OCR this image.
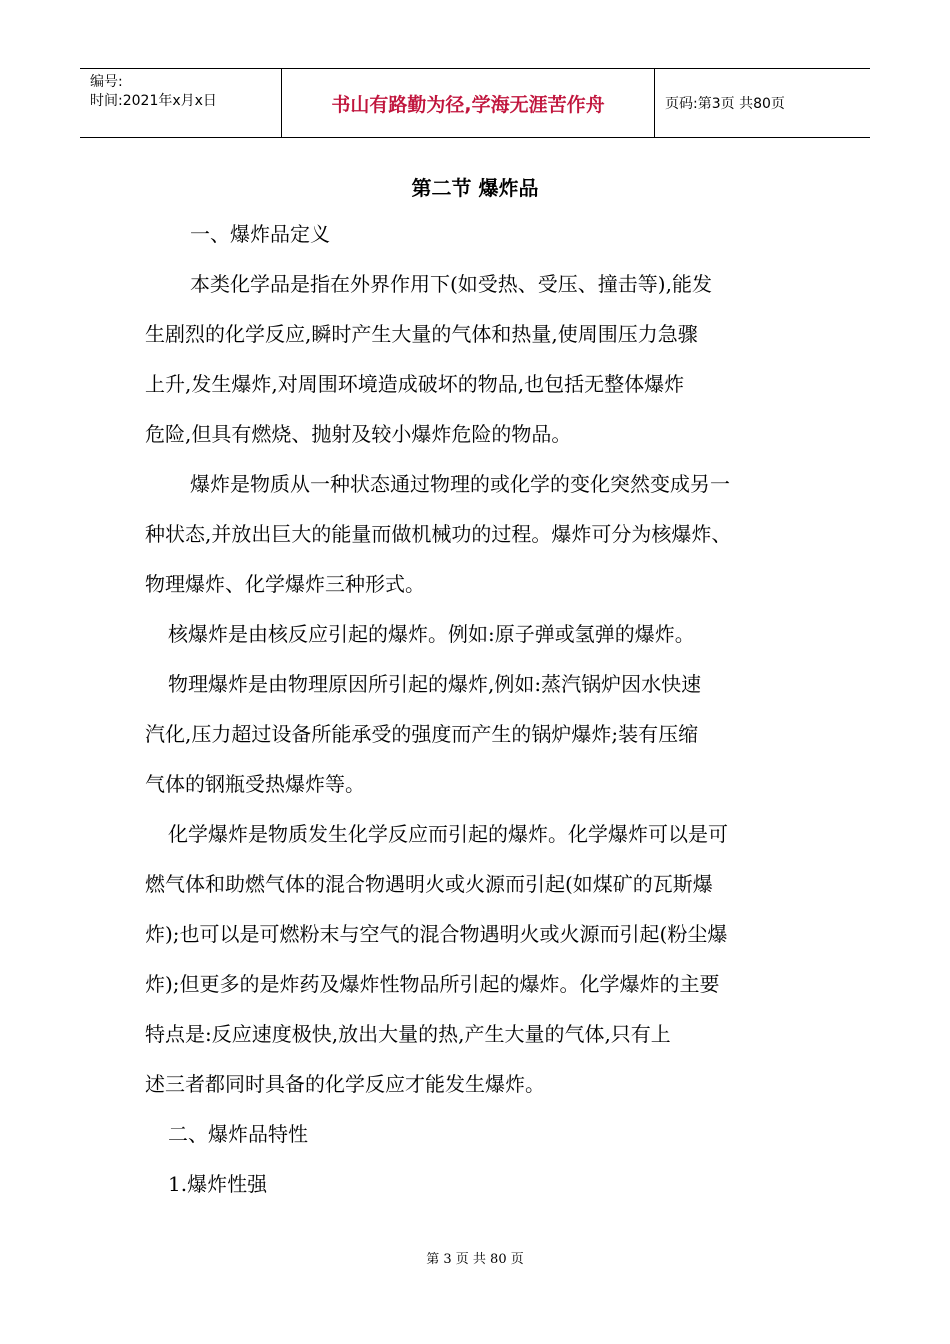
编号:
时间:2021年x月x日	书山有路勤为径,学海无涯苦作舟	页码:第3页 共80页
第二节 爆炸品
一、爆炸品定义
本类化学品是指在外界作用下(如受热、受压、撞击等),能发
生剧烈的化学反应,瞬时产生大量的气体和热量,使周围压力急骤
上升,发生爆炸,对周围环境造成破坏的物品,也包括无整体爆炸
危险,但具有燃烧、抛射及较小爆炸危险的物品。
爆炸是物质从一种状态通过物理的或化学的变化突然变成另一
种状态,并放出巨大的能量而做机械功的过程。爆炸可分为核爆炸、
物理爆炸、化学爆炸三种形式。
核爆炸是由核反应引起的爆炸。例如:原子弹或氢弹的爆炸。
物理爆炸是由物理原因所引起的爆炸,例如:蒸汽锅炉因水快速
汽化,压力超过设备所能承受的强度而产生的锅炉爆炸;装有压缩
气体的钢瓶受热爆炸等。
化学爆炸是物质发生化学反应而引起的爆炸。化学爆炸可以是可
燃气体和助燃气体的混合物遇明火或火源而引起(如煤矿的瓦斯爆
炸);也可以是可燃粉末与空气的混合物遇明火或火源而引起(粉尘爆
炸);但更多的是炸药及爆炸性物品所引起的爆炸。化学爆炸的主要
特点是:反应速度极快,放出大量的热,产生大量的气体,只有上
述三者都同时具备的化学反应才能发生爆炸。
二、爆炸品特性
1.爆炸性强
第 3 页 共 80 页
